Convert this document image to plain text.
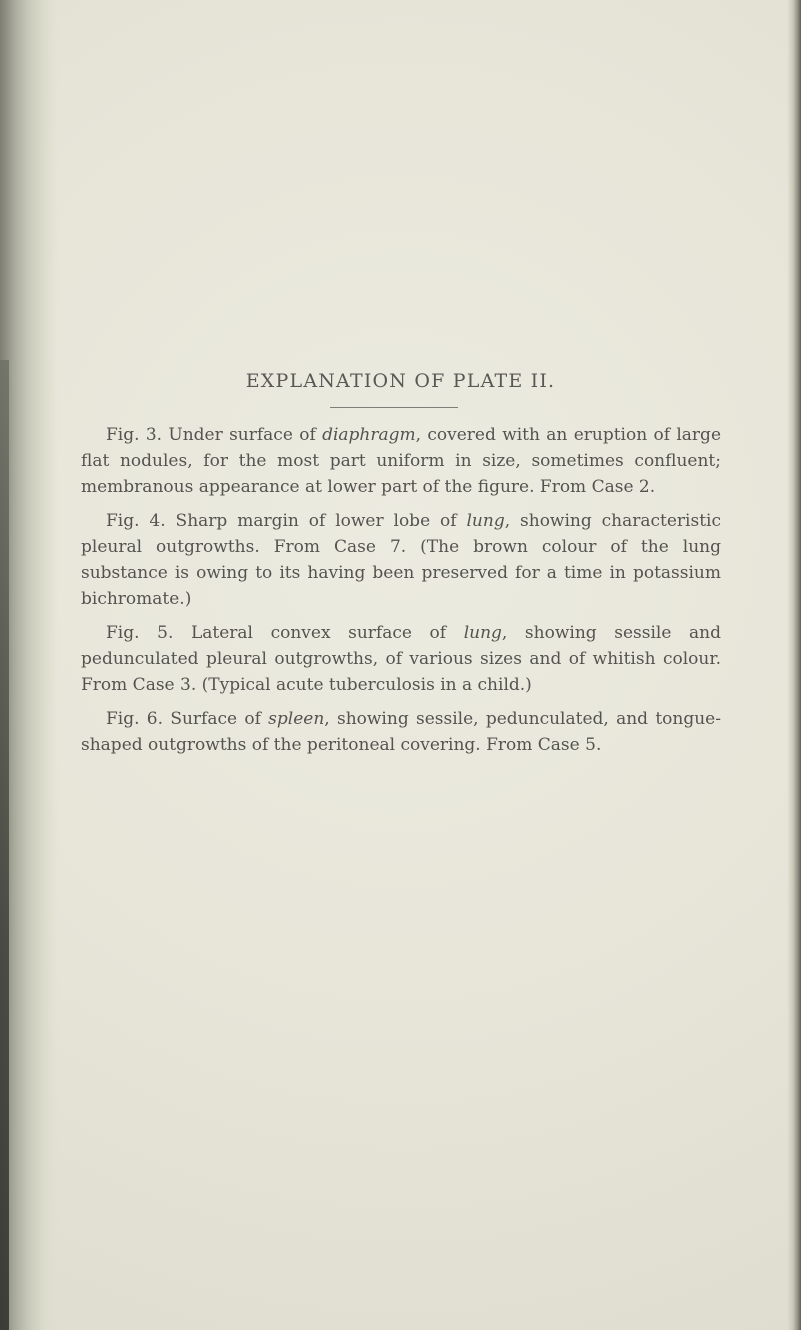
EXPLANATION OF PLATE II.

Fig. 3. Under surface of diaphragm, covered with an eruption of large flat nodules, for the most part uniform in size, sometimes confluent; membranous appearance at lower part of the figure. From Case 2.

Fig. 4. Sharp margin of lower lobe of lung, showing characteristic pleural outgrowths. From Case 7. (The brown colour of the lung substance is owing to its having been preserved for a time in potassium bichromate.)

Fig. 5. Lateral convex surface of lung, showing sessile and pedunculated pleural outgrowths, of various sizes and of whitish colour. From Case 3. (Typical acute tuberculosis in a child.)

Fig. 6. Surface of spleen, showing sessile, pedunculated, and tongue-shaped outgrowths of the peritoneal covering. From Case 5.
